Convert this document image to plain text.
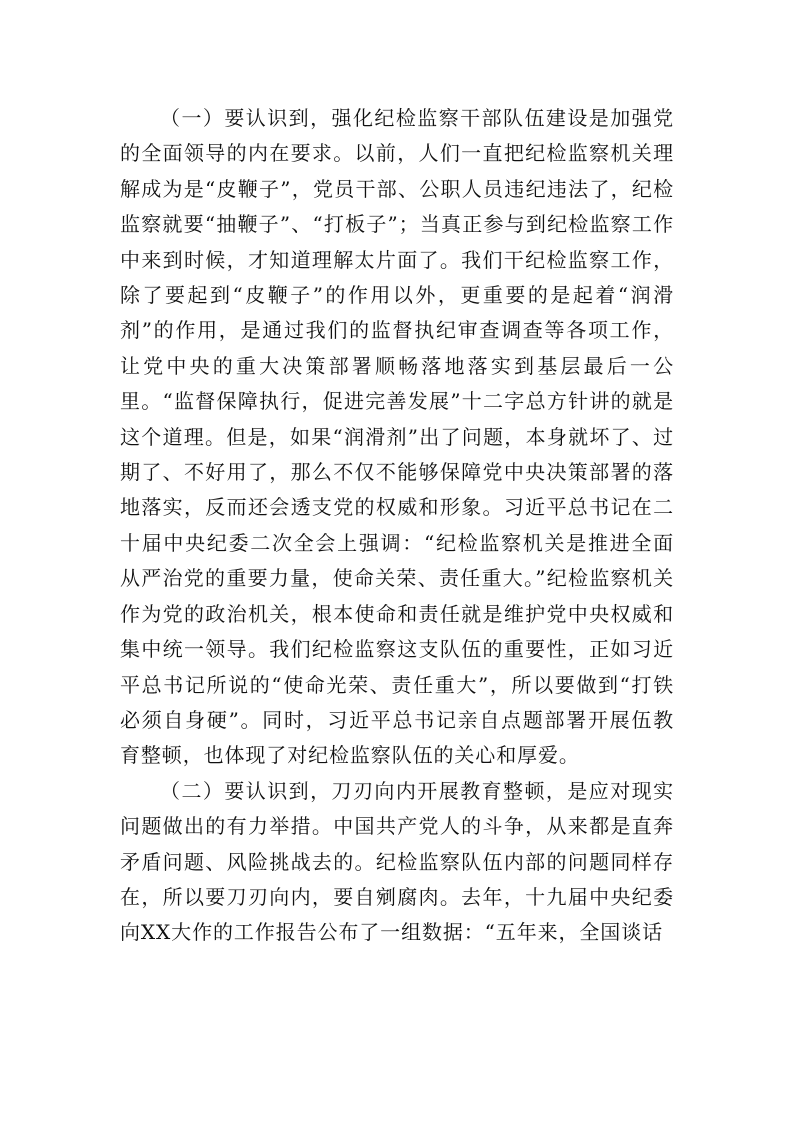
（一）要认识到，强化纪检监察干部队伍建设是加强党的全面领导的内在要求。以前，人们一直把纪检监察机关理解成为是“皮鞭子”，党员干部、公职人员违纪违法了，纪检监察就要“抽鞭子”、“打板子”；当真正参与到纪检监察工作中来到时候，才知道理解太片面了。我们干纪检监察工作，除了要起到“皮鞭子”的作用以外，更重要的是起着“润滑剂”的作用，是通过我们的监督执纪审查调查等各项工作，让党中央的重大决策部署顺畅落地落实到基层最后一公里。“监督保障执行，促进完善发展”十二字总方针讲的就是这个道理。但是，如果“润滑剂”出了问题，本身就坏了、过期了、不好用了，那么不仅不能够保障党中央决策部署的落地落实，反而还会透支党的权威和形象。习近平总书记在二十届中央纪委二次全会上强调：“纪检监察机关是推进全面从严治党的重要力量，使命关荣、责任重大。”纪检监察机关作为党的政治机关，根本使命和责任就是维护党中央权威和集中统一领导。我们纪检监察这支队伍的重要性，正如习近平总书记所说的“使命光荣、责任重大”，所以要做到“打铁必须自身硬”。同时，习近平总书记亲自点题部署开展伍教育整顿，也体现了对纪检监察队伍的关心和厚爱。

（二）要认识到，刀刃向内开展教育整顿，是应对现实问题做出的有力举措。中国共产党人的斗争，从来都是直奔矛盾问题、风险挑战去的。纪检监察队伍内部的问题同样存在，所以要刀刃向内，要自剜腐肉。去年，十九届中央纪委向XX大作的工作报告公布了一组数据：“五年来，全国谈话
